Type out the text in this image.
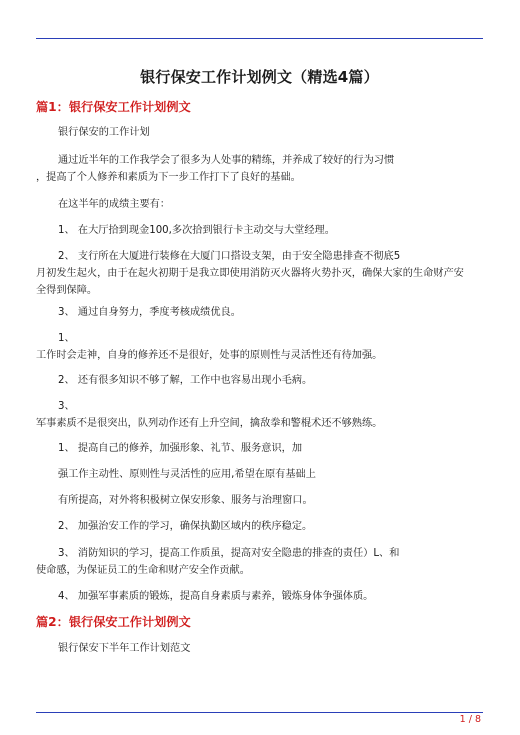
银行保安工作计划例文（精选4篇）
篇1：银行保安工作计划例文

银行保安的工作计划

通过近半年的工作我学会了很多为人处事的精练，并养成了较好的行为习惯
，提高了个人修养和素质为下一步工作打下了良好的基础。

在这半年的成绩主要有：

1、 在大厅拾到现金100,多次拾到银行卡主动交与大堂经理。

2、 支行所在大厦进行装修在大厦门口搭设支架，由于安全隐患排查不彻底5
月初发生起火，由于在起火初期于是我立即使用消防灭火器将火势扑灭，确保大家的生命财产安
全得到保障。

3、 通过自身努力，季度考核成绩优良。

1、
工作时会走神，自身的修养还不是很好，处事的原则性与灵活性还有待加强。

2、 还有很多知识不够了解，工作中也容易出现小毛病。

3、
军事素质不是很突出，队列动作还有上升空间，擒敌拳和警棍术还不够熟练。

1、 提高自己的修养，加强形象、礼节、服务意识，加

强工作主动性、原则性与灵活性的应用,希望在原有基础上

有所提高，对外将积极树立保安形象、服务与治理窗口。

2、 加强治安工作的学习，确保执勤区域内的秩序稳定。

3、 消防知识的学习，提高工作质虽，提高对安全隐患的排查的责任）L、和
使命感，为保证员工的生命和财产安全作贡献。

4、 加强军事素质的锻炼，提高自身素质与素养，锻炼身体争强体质。

篇2：银行保安工作计划例文

银行保安下半年工作计划范文

1 / 8
